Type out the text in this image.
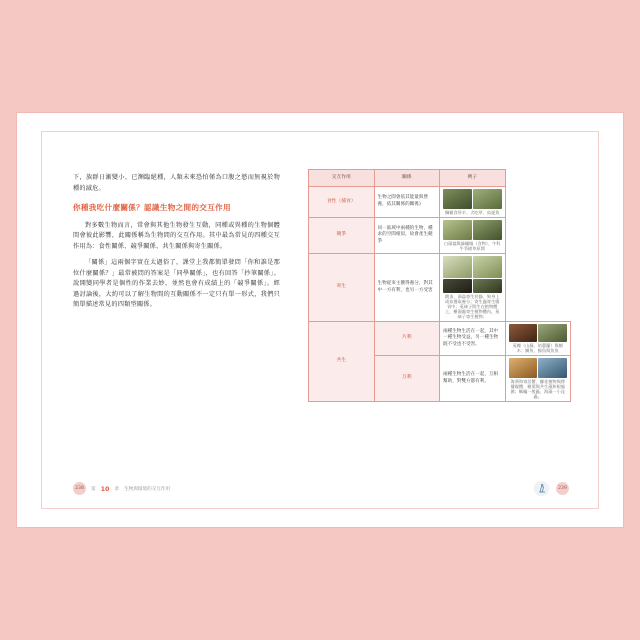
下，族群日漸變小、已瀕臨絕種，人類未來恐怕僅為口腹之慾而無視於物種的滅危。

你種我吃什麼關係？認識生物之間的交互作用

對多數生物而言，常會與其他生物發生互動，同種或異種的生物個體間會彼此影響，此關係稱為生物間的交互作用。其中最為常見的四種交互作用為：食性關係、競爭關係、共生關係與寄生關係。

「關係」這兩個字實在太過俗了，課堂上我都簡單發問「你和誰是那位什麼關係？」最常被問的答案是「同學關係」，也有回答「抄筆關係」。說開變同學者是個性的作業去妙，並然也會有成績上的「競爭關係」。經過討論後，大約可以了解生物間的互動關係不一定只有單一形式，我們只簡單描述常見的四類型關係。

238	第 10 章 生物與環境的交互作用
交互作用	關係	例子	
食性（捕食）	生物之間會依其能量與營養，依其關係的關係》	獅捕食羚羊、犬吃草、鳥捉魚	

競爭	同一區域中兩種的生物，種求的空間相似，故會產生競爭	白頭翁與綠繡眼（食物）、牛科牛爭搶草原間	

寄生	生物從來主獲得養分，對其中一方有利，也另一方受害	跳蚤、頭蝨寄生於貓、狗身上或血獲取養分；寄生蟲寄生腸胃中；菟絲子附生在植物體上，樹頭處寄生植物體內，菟絲子寄生植物；	

共生	片利	兩種生物生活在一起，其中一種生物受益，另一種生物既不受也不受害。	菟蝶（山蘇、姑薑蘭）與樹木；鯽魚、鯨魚與魚魚

	互利	兩種生物生活在一起，互相幫助，對雙方都有利。	海葵和寄居蟹、腳花植物與傳播媒體、樹葉與共生藻和根瘤菌；螞蟻一般蟲、海藻一小昆蟲。
239
